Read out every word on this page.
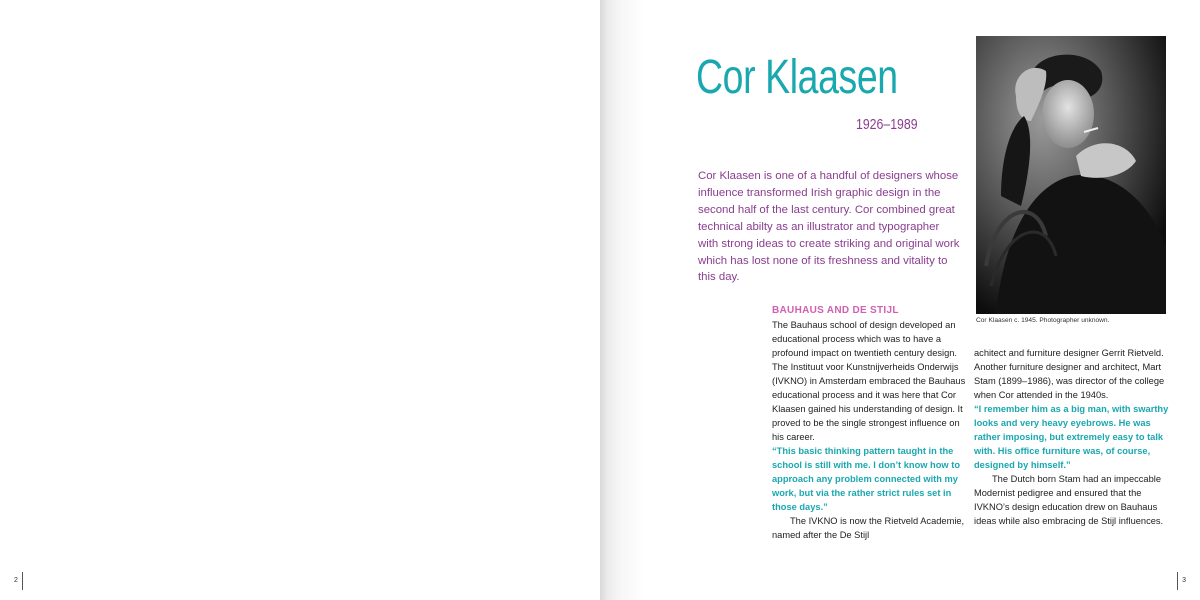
2	3
Cor Klaasen
1926–1989

Cor Klaasen is one of a handful of designers whose influence transformed Irish graphic design in the second half of the last century. Cor combined great technical abilty as an illustrator and typographer with strong ideas to create striking and original work which has lost none of its freshness and vitality to this day.

Cor Klaasen c. 1945. Photographer unknown.
BAUHAUS AND DE STIJL

The Bauhaus school of design developed an educational process which was to have a profound impact on twentieth century design. The Instituut voor Kunstnijverheids Onderwijs (IVKNO) in Amsterdam embraced the Bauhaus educational process and it was here that Cor Klaasen gained his understanding of design. It proved to be the single strongest influence on his career.

“This basic thinking pattern taught in the school is still with me. I don’t know how to approach any problem connected with my work, but via the rather strict rules set in those days.”

The IVKNO is now the Rietveld Academie, named after the De Stijl

achitect and furniture designer Gerrit Rietveld. Another furniture designer and architect, Mart Stam (1899–1986), was director of the college when Cor attended in the 1940s.

“I remember him as a big man, with swarthy looks and very heavy eyebrows. He was rather imposing, but extremely easy to talk with. His office furniture was, of course, designed by himself.”

The Dutch born Stam had an impeccable Modernist pedigree and ensured that the IVKNO’s design education drew on Bauhaus ideas while also embracing de Stijl influences.
